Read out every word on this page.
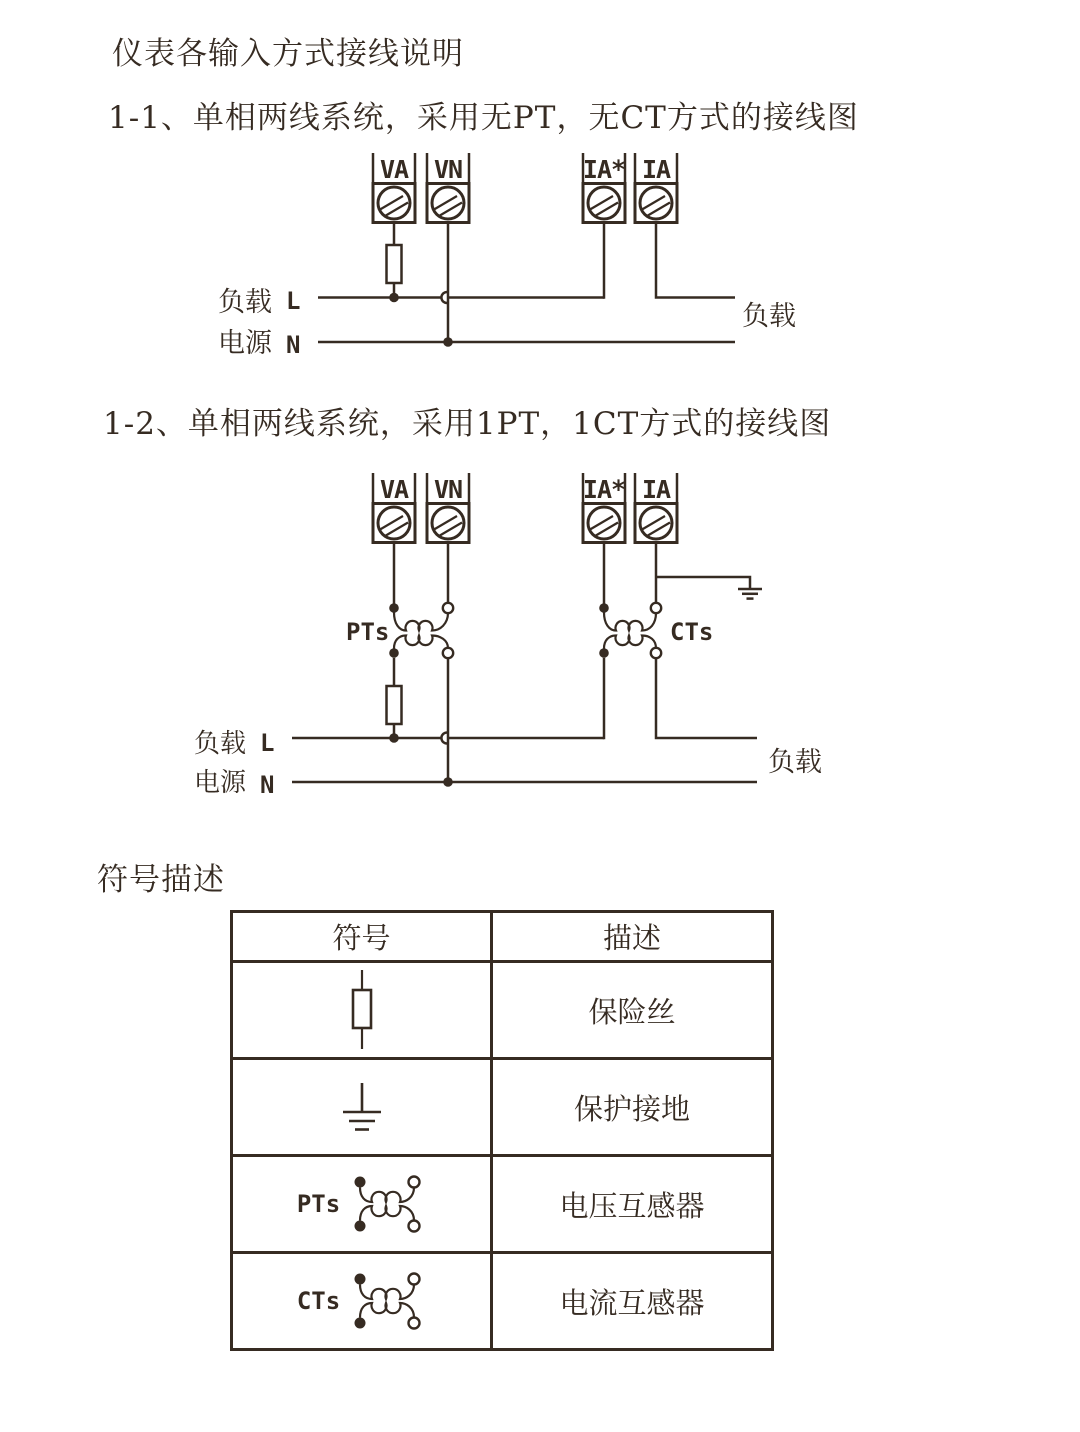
仪表各输入方式接线说明
1-1、单相两线系统，采用无PT，无CT方式的接线图
1-2、单相两线系统，采用1PT，1CT方式的接线图
符号描述
VA VN	IA* IA
负载 L
电源 N
负载
VA VN	IA* IA
PTs	CTs
负载 L
电源 N
负载
符号	描述

	保险丝

	保护接地

PTs	电压互感器

CTs	电流互感器
